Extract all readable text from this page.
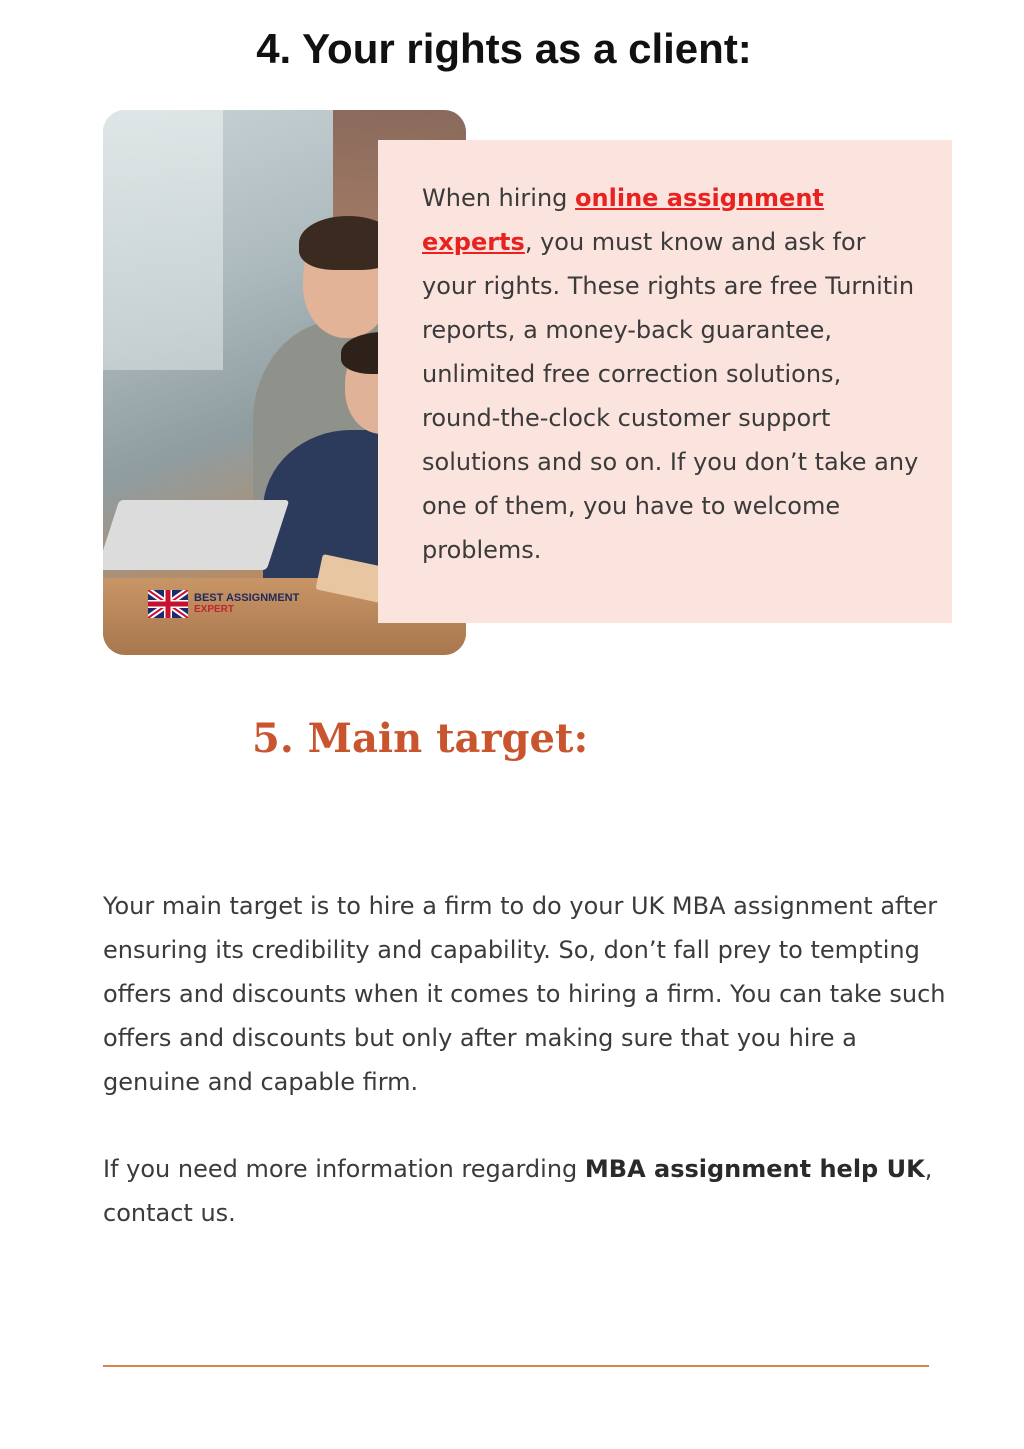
4. Your rights as a client:
BEST ASSIGNMENT
EXPERT

When hiring online assignment experts, you must know and ask for your rights. These rights are free Turnitin reports, a money-back guarantee, unlimited free correction solutions, round-the-clock customer support solutions and so on. If you don’t take any one of them, you have to welcome problems.

5. Main target:

Your main target is to hire a firm to do your UK MBA assignment after ensuring its credibility and capability. So, don’t fall prey to tempting offers and discounts when it comes to hiring a firm. You can take such offers and discounts but only after making sure that you hire a genuine and capable firm.

If you need more information regarding MBA assignment help UK, contact us.
